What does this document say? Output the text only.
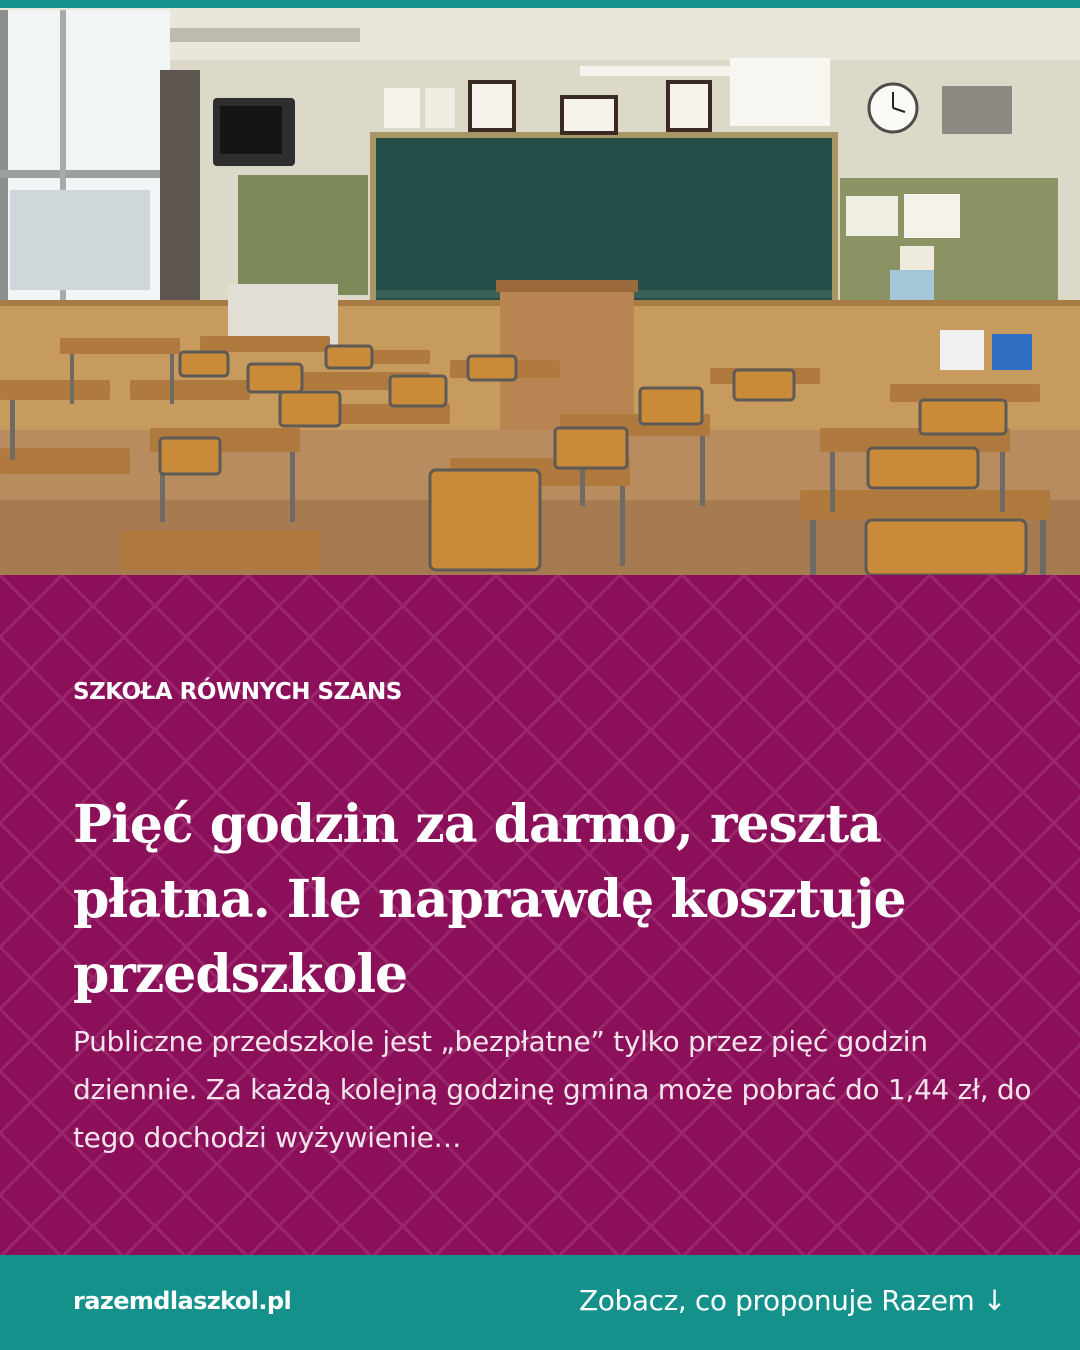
SZKOŁA RÓWNYCH SZANS

Pięć godzin za darmo, reszta płatna. Ile naprawdę kosztuje przedszkole

Publiczne przedszkole jest „bezpłatne” tylko przez pięć godzin dziennie. Za każdą kolejną godzinę gmina może pobrać do 1,44 zł, do tego dochodzi wyżywienie…

razemdlaszkol.pl	Zobacz, co proponuje Razem ↓
